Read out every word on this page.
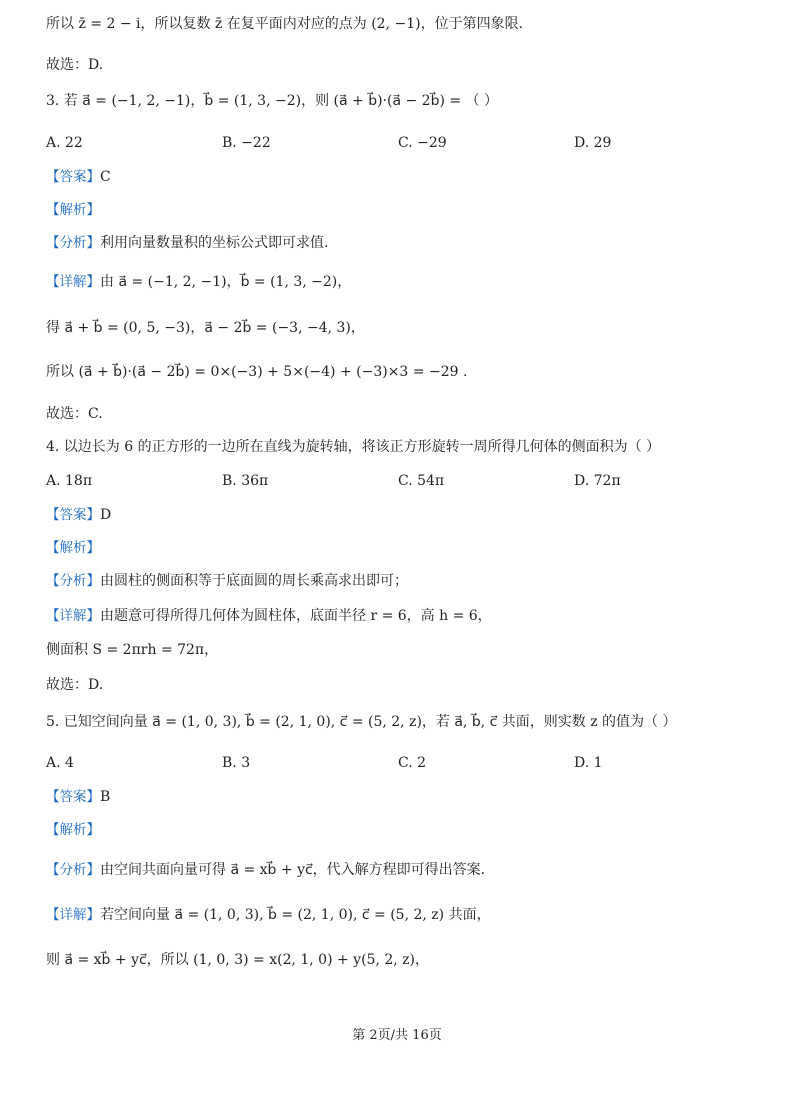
所以 z̄ = 2 − i，所以复数 z̄ 在复平面内对应的点为 (2, −1)，位于第四象限.
故选：D.
3. 若 a⃗ = (−1, 2, −1)，b⃗ = (1, 3, −2)，则 (a⃗ + b⃗)·(a⃗ − 2b⃗) = （ ）
A. 22	B. −22	C. −29	D. 29
【答案】C
【解析】
【分析】利用向量数量积的坐标公式即可求值.
【详解】由 a⃗ = (−1, 2, −1)，b⃗ = (1, 3, −2)，
得 a⃗ + b⃗ = (0, 5, −3)，a⃗ − 2b⃗ = (−3, −4, 3)，
所以 (a⃗ + b⃗)·(a⃗ − 2b⃗) = 0×(−3) + 5×(−4) + (−3)×3 = −29 .
故选：C.
4. 以边长为 6 的正方形的一边所在直线为旋转轴，将该正方形旋转一周所得几何体的侧面积为（ ）
A. 18π	B. 36π	C. 54π	D. 72π
【答案】D
【解析】
【分析】由圆柱的侧面积等于底面圆的周长乘高求出即可；
【详解】由题意可得所得几何体为圆柱体，底面半径 r = 6，高 h = 6，
侧面积 S = 2πrh = 72π，
故选：D.
5. 已知空间向量 a⃗ = (1, 0, 3), b⃗ = (2, 1, 0), c⃗ = (5, 2, z)，若 a⃗, b⃗, c⃗ 共面，则实数 z 的值为（ ）
A. 4	B. 3	C. 2	D. 1
【答案】B
【解析】
【分析】由空间共面向量可得 a⃗ = xb⃗ + yc⃗，代入解方程即可得出答案.
【详解】若空间向量 a⃗ = (1, 0, 3), b⃗ = (2, 1, 0), c⃗ = (5, 2, z) 共面，
则 a⃗ = xb⃗ + yc⃗，所以 (1, 0, 3) = x(2, 1, 0) + y(5, 2, z)，
第 2页/共 16页
